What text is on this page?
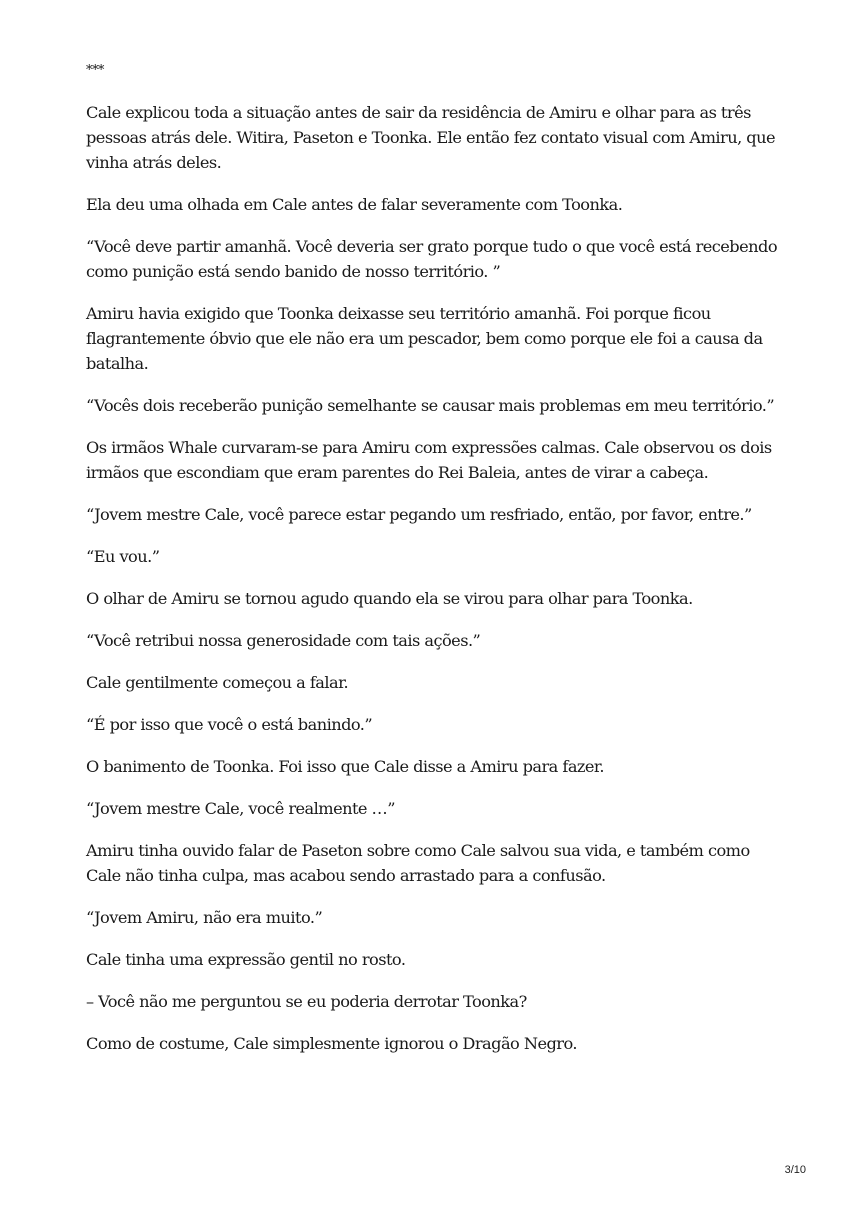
***

Cale explicou toda a situação antes de sair da residência de Amiru e olhar para as três pessoas atrás dele. Witira, Paseton e Toonka. Ele então fez contato visual com Amiru, que vinha atrás deles.

Ela deu uma olhada em Cale antes de falar severamente com Toonka.

“Você deve partir amanhã. Você deveria ser grato porque tudo o que você está recebendo como punição está sendo banido de nosso território. ”

Amiru havia exigido que Toonka deixasse seu território amanhã. Foi porque ficou flagrantemente óbvio que ele não era um pescador, bem como porque ele foi a causa da batalha.

“Vocês dois receberão punição semelhante se causar mais problemas em meu território.”

Os irmãos Whale curvaram-se para Amiru com expressões calmas. Cale observou os dois irmãos que escondiam que eram parentes do Rei Baleia, antes de virar a cabeça.

“Jovem mestre Cale, você parece estar pegando um resfriado, então, por favor, entre.”

“Eu vou.”

O olhar de Amiru se tornou agudo quando ela se virou para olhar para Toonka.

“Você retribui nossa generosidade com tais ações.”

Cale gentilmente começou a falar.

“É por isso que você o está banindo.”

O banimento de Toonka. Foi isso que Cale disse a Amiru para fazer.

“Jovem mestre Cale, você realmente …”

Amiru tinha ouvido falar de Paseton sobre como Cale salvou sua vida, e também como Cale não tinha culpa, mas acabou sendo arrastado para a confusão.

“Jovem Amiru, não era muito.”

Cale tinha uma expressão gentil no rosto.

– Você não me perguntou se eu poderia derrotar Toonka?

Como de costume, Cale simplesmente ignorou o Dragão Negro.

3/10
